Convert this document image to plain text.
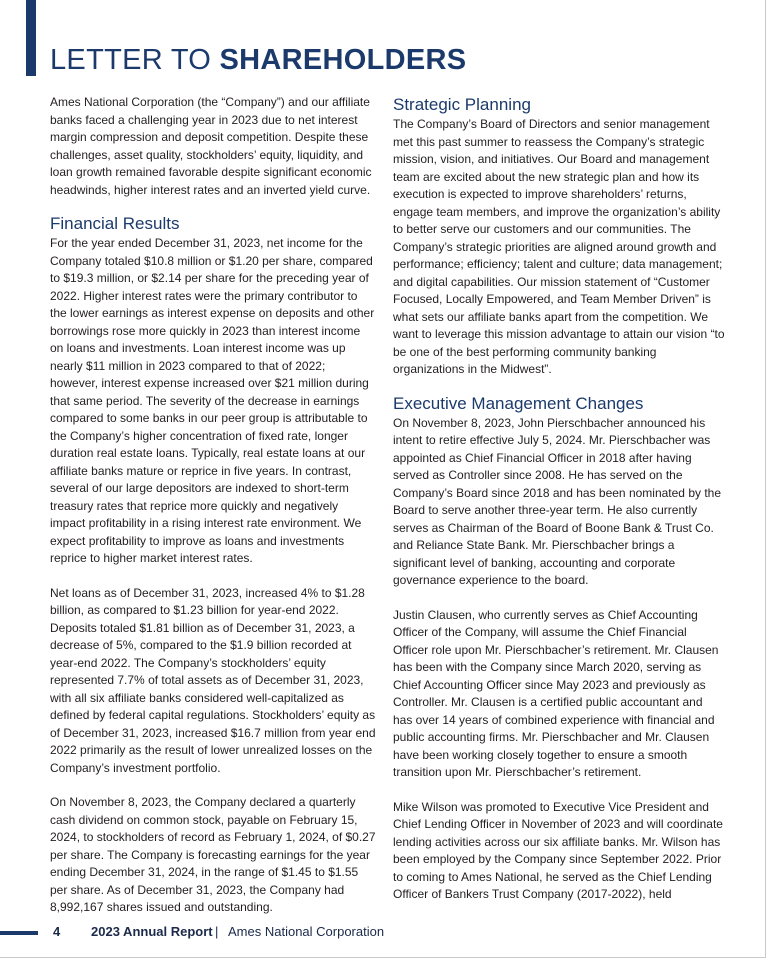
LETTER TO SHAREHOLDERS

Ames National Corporation (the “Company”) and our affiliate banks faced a challenging year in 2023 due to net interest margin compression and deposit competition. Despite these challenges, asset quality, stockholders’ equity, liquidity, and loan growth remained favorable despite significant economic headwinds, higher interest rates and an inverted yield curve.

Financial Results

For the year ended December 31, 2023, net income for the Company totaled $10.8 million or $1.20 per share, compared to $19.3 million, or $2.14 per share for the preceding year of 2022. Higher interest rates were the primary contributor to the lower earnings as interest expense on deposits and other borrowings rose more quickly in 2023 than interest income on loans and investments. Loan interest income was up nearly $11 million in 2023 compared to that of 2022; however, interest expense increased over $21 million during that same period. The severity of the decrease in earnings compared to some banks in our peer group is attributable to the Company’s higher concentration of fixed rate, longer duration real estate loans. Typically, real estate loans at our affiliate banks mature or reprice in five years. In contrast, several of our large depositors are indexed to short-term treasury rates that reprice more quickly and negatively impact profitability in a rising interest rate environment. We expect profitability to improve as loans and investments reprice to higher market interest rates.

Net loans as of December 31, 2023, increased 4% to $1.28 billion, as compared to $1.23 billion for year-end 2022. Deposits totaled $1.81 billion as of December 31, 2023, a decrease of 5%, compared to the $1.9 billion recorded at year-end 2022. The Company’s stockholders’ equity represented 7.7% of total assets as of December 31, 2023, with all six affiliate banks considered well-capitalized as defined by federal capital regulations. Stockholders’ equity as of December 31, 2023, increased $16.7 million from year end 2022 primarily as the result of lower unrealized losses on the Company’s investment portfolio.

On November 8, 2023, the Company declared a quarterly cash dividend on common stock, payable on February 15, 2024, to stockholders of record as February 1, 2024, of $0.27 per share. The Company is forecasting earnings for the year ending December 31, 2024, in the range of $1.45 to $1.55 per share. As of December 31, 2023, the Company had 8,992,167 shares issued and outstanding.

Strategic Planning

The Company’s Board of Directors and senior management met this past summer to reassess the Company’s strategic mission, vision, and initiatives. Our Board and management team are excited about the new strategic plan and how its execution is expected to improve shareholders’ returns, engage team members, and improve the organization’s ability to better serve our customers and our communities. The Company’s strategic priorities are aligned around growth and performance; efficiency; talent and culture; data management; and digital capabilities. Our mission statement of “Customer Focused, Locally Empowered, and Team Member Driven” is what sets our affiliate banks apart from the competition. We want to leverage this mission advantage to attain our vision “to be one of the best performing community banking organizations in the Midwest”.

Executive Management Changes

On November 8, 2023, John Pierschbacher announced his intent to retire effective July 5, 2024. Mr. Pierschbacher was appointed as Chief Financial Officer in 2018 after having served as Controller since 2008. He has served on the Company’s Board since 2018 and has been nominated by the Board to serve another three-year term. He also currently serves as Chairman of the Board of Boone Bank & Trust Co. and Reliance State Bank. Mr. Pierschbacher brings a significant level of banking, accounting and corporate governance experience to the board.

Justin Clausen, who currently serves as Chief Accounting Officer of the Company, will assume the Chief Financial Officer role upon Mr. Pierschbacher’s retirement. Mr. Clausen has been with the Company since March 2020, serving as Chief Accounting Officer since May 2023 and previously as Controller. Mr. Clausen is a certified public accountant and has over 14 years of combined experience with financial and public accounting firms. Mr. Pierschbacher and Mr. Clausen have been working closely together to ensure a smooth transition upon Mr. Pierschbacher’s retirement.

Mike Wilson was promoted to Executive Vice President and Chief Lending Officer in November of 2023 and will coordinate lending activities across our six affiliate banks. Mr. Wilson has been employed by the Company since September 2022. Prior to coming to Ames National, he served as the Chief Lending Officer of Bankers Trust Company (2017-2022), held

4 2023 Annual Report | Ames National Corporation
